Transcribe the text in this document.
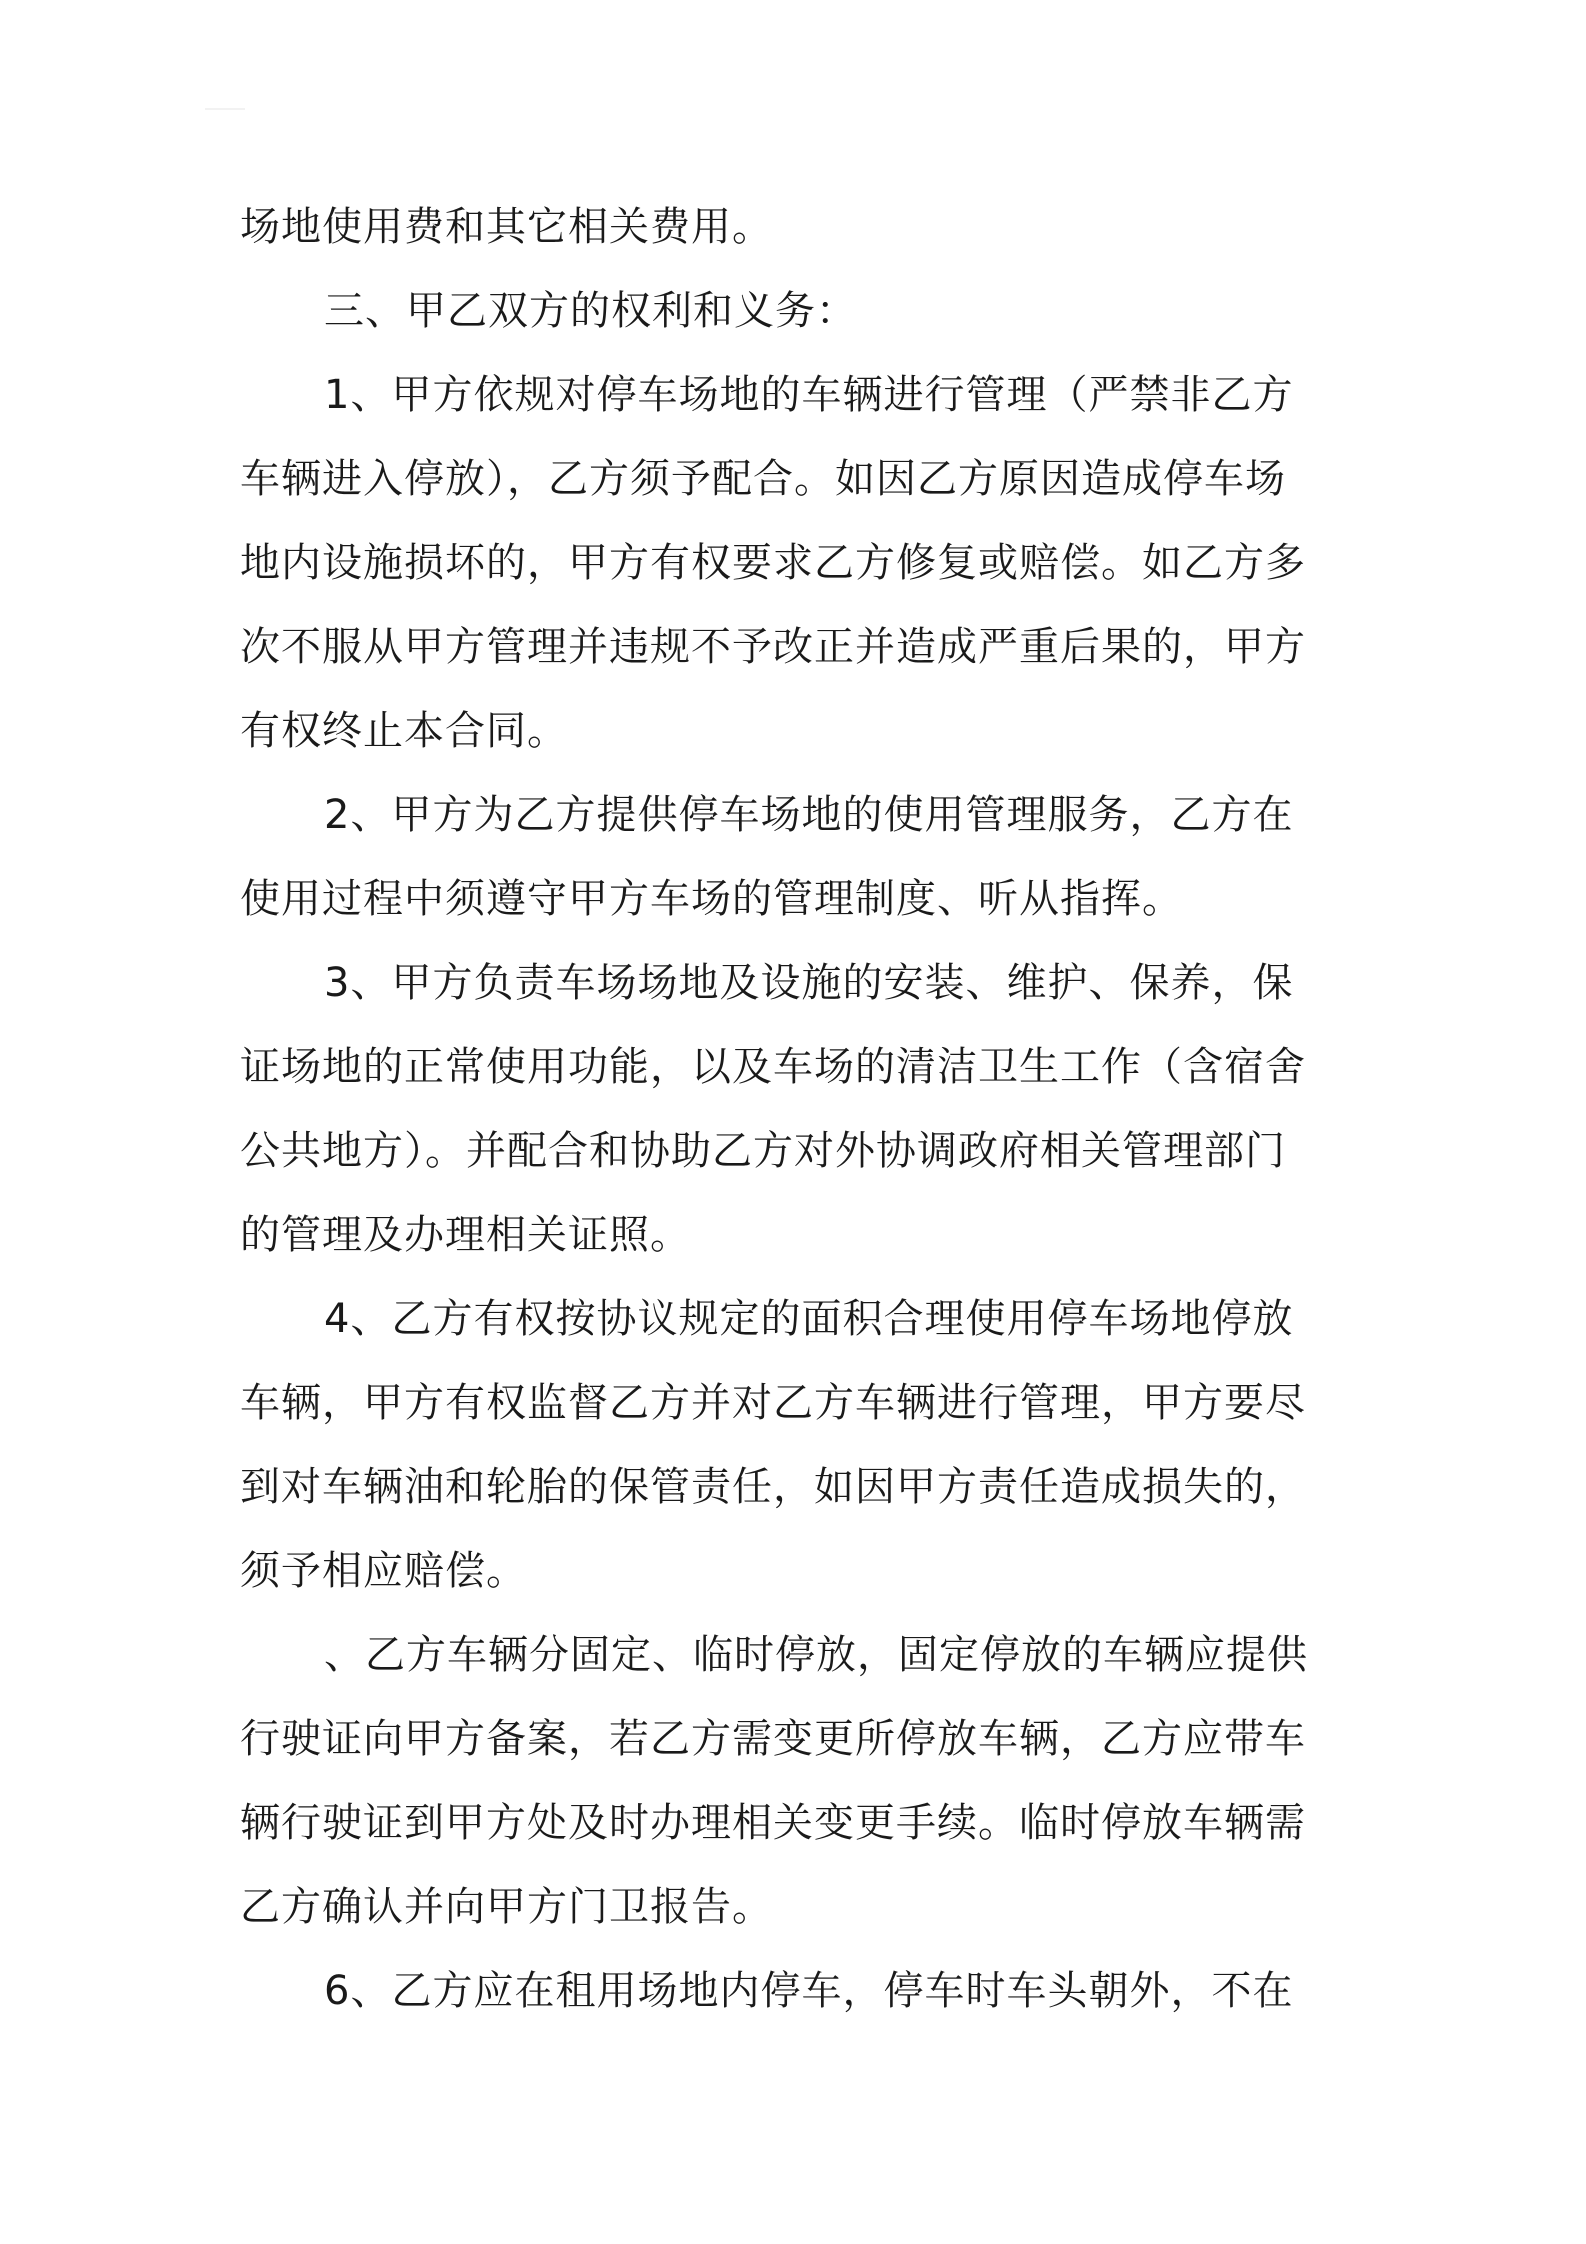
场地使用费和其它相关费用。
三、甲乙双方的权利和义务：
1、甲方依规对停车场地的车辆进行管理（严禁非乙方
车辆进入停放），乙方须予配合。如因乙方原因造成停车场
地内设施损坏的，甲方有权要求乙方修复或赔偿。如乙方多
次不服从甲方管理并违规不予改正并造成严重后果的，甲方
有权终止本合同。
2、甲方为乙方提供停车场地的使用管理服务，乙方在
使用过程中须遵守甲方车场的管理制度、听从指挥。
3、甲方负责车场场地及设施的安装、维护、保养，保
证场地的正常使用功能，以及车场的清洁卫生工作（含宿舍
公共地方）。并配合和协助乙方对外协调政府相关管理部门
的管理及办理相关证照。
4、乙方有权按协议规定的面积合理使用停车场地停放
车辆，甲方有权监督乙方并对乙方车辆进行管理，甲方要尽
到对车辆油和轮胎的保管责任，如因甲方责任造成损失的，
须予相应赔偿。
、乙方车辆分固定、临时停放，固定停放的车辆应提供
行驶证向甲方备案，若乙方需变更所停放车辆，乙方应带车
辆行驶证到甲方处及时办理相关变更手续。临时停放车辆需
乙方确认并向甲方门卫报告。
6、乙方应在租用场地内停车，停车时车头朝外，不在
